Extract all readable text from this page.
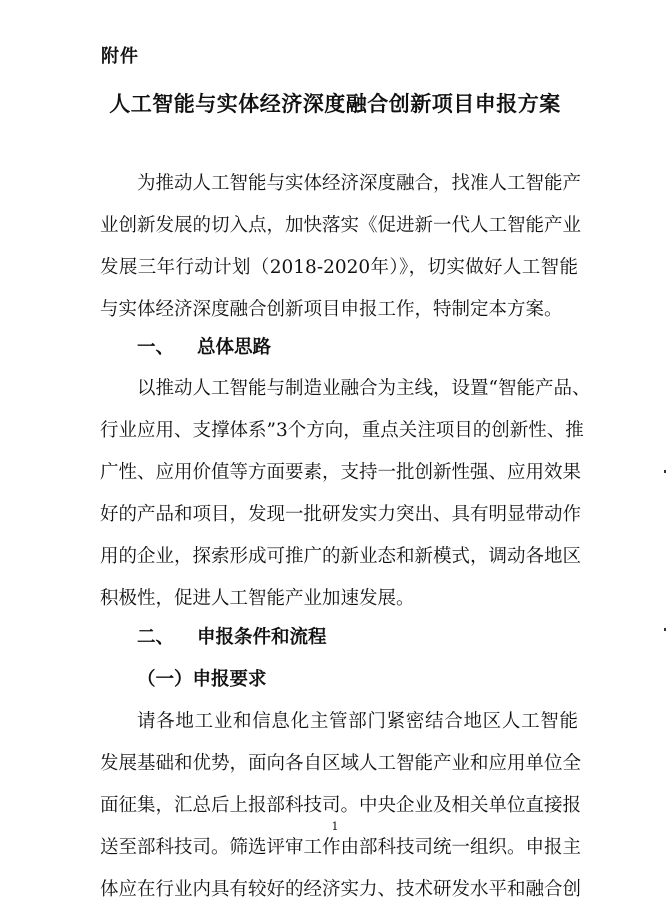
附件
人工智能与实体经济深度融合创新项目申报方案
为推动人工智能与实体经济深度融合，找准人工智能产
业创新发展的切入点，加快落实《促进新一代人工智能产业
发展三年行动计划（2018-2020年）》，切实做好人工智能
与实体经济深度融合创新项目申报工作，特制定本方案。
一、 总体思路
以推动人工智能与制造业融合为主线，设置“智能产品、
行业应用、支撑体系”3个方向，重点关注项目的创新性、推
广性、应用价值等方面要素，支持一批创新性强、应用效果
好的产品和项目，发现一批研发实力突出、具有明显带动作
用的企业，探索形成可推广的新业态和新模式，调动各地区
积极性，促进人工智能产业加速发展。
二、 申报条件和流程
（一）申报要求
请各地工业和信息化主管部门紧密结合地区人工智能
发展基础和优势，面向各自区域人工智能产业和应用单位全
面征集，汇总后上报部科技司。中央企业及相关单位直接报
送至部科技司。筛选评审工作由部科技司统一组织。申报主
体应在行业内具有较好的经济实力、技术研发水平和融合创
1
